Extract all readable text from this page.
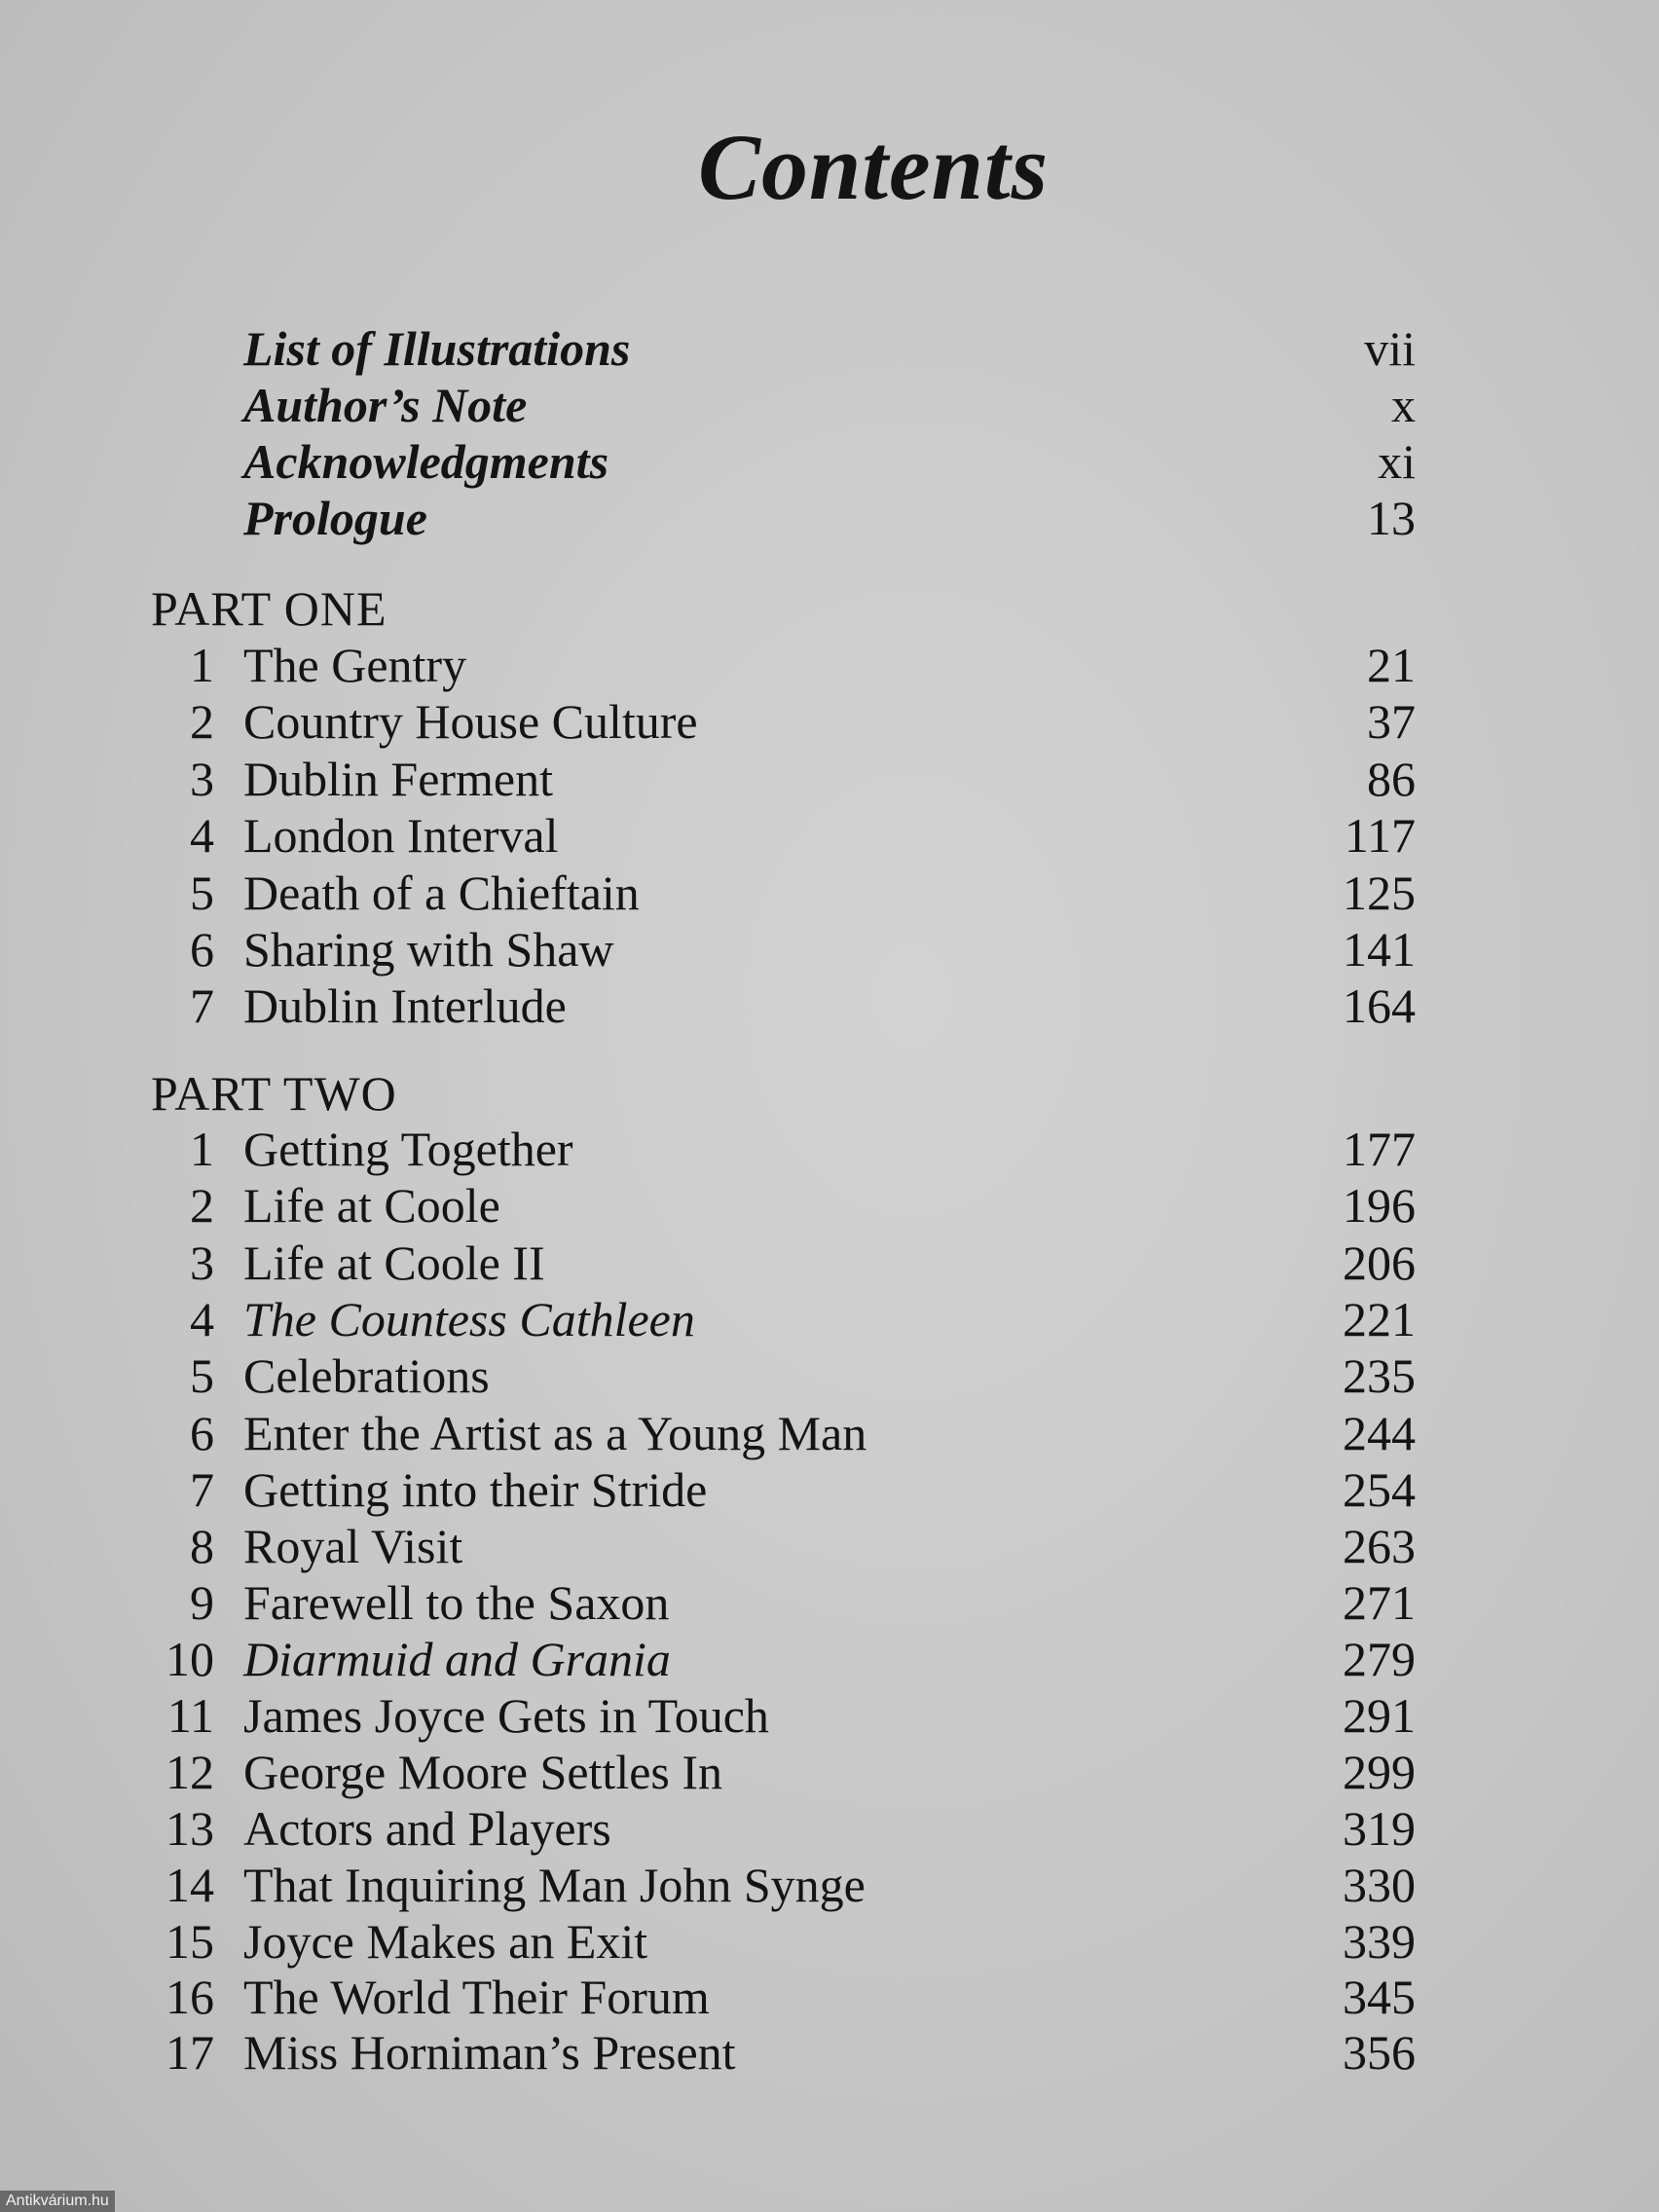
Contents
List of Illustrations	vii
Author’s Note	x
Acknowledgments	xi
Prologue	13
PART ONE
1 The Gentry	21
2 Country House Culture	37
3 Dublin Ferment	86
4 London Interval	117
5 Death of a Chieftain	125
6 Sharing with Shaw	141
7 Dublin Interlude	164
PART TWO
1 Getting Together	177
2 Life at Coole	196
3 Life at Coole II	206
4 The Countess Cathleen	221
5 Celebrations	235
6 Enter the Artist as a Young Man	244
7 Getting into their Stride	254
8 Royal Visit	263
9 Farewell to the Saxon	271
10 Diarmuid and Grania	279
11 James Joyce Gets in Touch	291
12 George Moore Settles In	299
13 Actors and Players	319
14 That Inquiring Man John Synge	330
15 Joyce Makes an Exit	339
16 The World Their Forum	345
17 Miss Horniman’s Present	356
Antikvárium.hu
